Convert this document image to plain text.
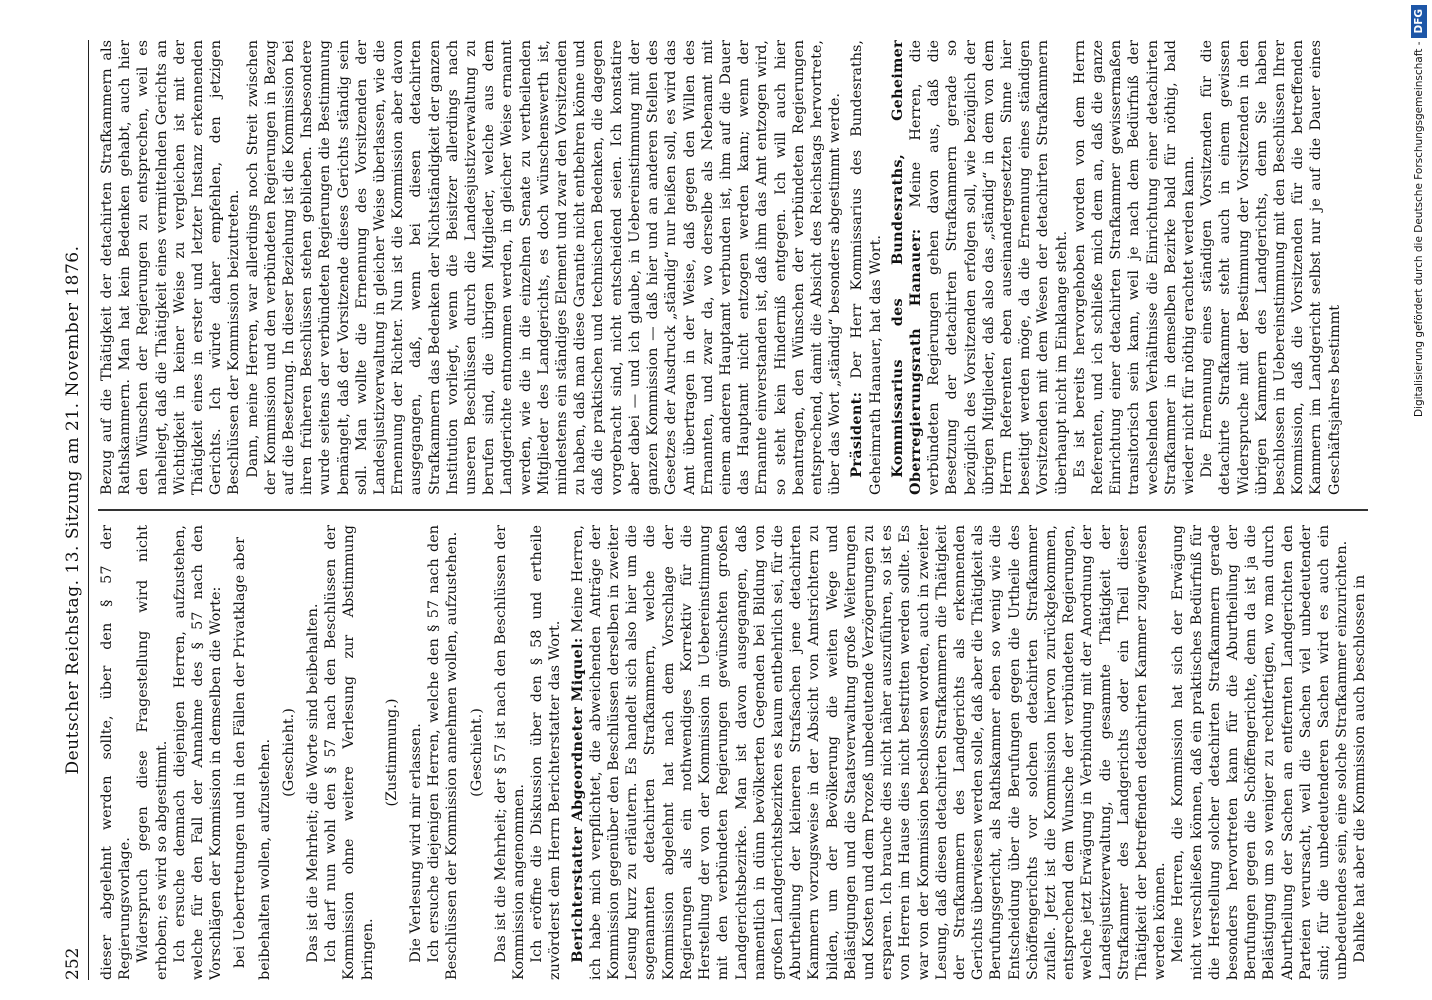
252
Deutscher Reichstag. 13. Sitzung am 21. November 1876.	dieser abgelehnt werden sollte, über den § 57 der Regierungsvorlage. Widerspruch gegen diese Fragestellung wird nicht erhoben; es wird so abgestimmt. Ich ersuche demnach diejenigen Herren, aufzustehen, welche für den Fall der Annahme des § 57 nach den Vorschlägen der Kommission in demselben die Worte: bei Uebertretungen und in den Fällen der Privatklage aber beibehalten wollen, aufzustehen. (Geschieht.) Das ist die Mehrheit; die Worte sind beibehalten. Ich darf nun wohl den § 57 nach den Beschlüssen der Kommission ohne weitere Verlesung zur Abstimmung bringen.

(Zustimmung.) Die Verlesung wird mir erlassen. Ich ersuche diejenigen Herren, welche den § 57 nach den Beschlüssen der Kommission annehmen wollen, aufzustehen. (Geschieht.) Das ist die Mehrheit; der § 57 ist nach den Beschlüssen der Kommission angenommen. Ich eröffne die Diskussion über den § 58 und ertheile zuvörderst dem Herrn Berichterstatter das Wort. Berichterstatter Abgeordneter Miquel: Meine Herren, ich habe mich verpflichtet, die abweichenden Anträge der Kommission gegenüber den Beschlüssen derselben in zweiter Lesung kurz zu erläutern. Es handelt sich also hier um die sogenannten detachirten Strafkammern, welche die Kommission abgelehnt hat nach dem Vorschlage der Regierungen als ein nothwendiges Korrektiv für die Herstellung der von der Kommission in Uebereinstimmung mit den verbündeten Regierungen gewünschten großen Landgerichtsbezirke. Man ist davon ausgegangen, daß namentlich in dünn bevölkerten Gegenden bei Bildung von großen Landgerichtsbezirken es kaum entbehrlich sei, für die Aburtheilung der kleineren Strafsachen jene detachirten Kammern vorzugsweise in der Absicht von Amtsrichtern zu bilden, um der Bevölkerung die weiten Wege und Belästigungen und die Staatsverwaltung große Weiterungen und Kosten und dem Prozeß unbedeutende Verzögerungen zu ersparen. Ich brauche dies nicht näher auszuführen, so ist es von Herren im Hause dies nicht bestritten werden sollte. Es war von der Kommission beschlossen worden, auch in zweiter Lesung, daß diesen detachirten Strafkammern die Thätigkeit der Strafkammern des Landgerichts als erkennenden Gerichts überwiesen werden solle, daß aber die Thätigkeit als Berufungsgericht, als Rathskammer eben so wenig wie die Entscheidung über die Berufungen gegen die Urtheile des Schöffengerichts vor solchen detachirten Strafkammer zufalle. Jetzt ist die Kommission hiervon zurückgekommen, entsprechend dem Wunsche der verbündeten Regierungen, welche jetzt Erwägung in Verbindung mit der Anordnung der Landesjustizverwaltung, die gesammte Thätigkeit der Strafkammer des Landgerichts oder ein Theil dieser Thätigkeit der betreffenden detachirten Kammer zugewiesen werden können. Meine Herren, die Kommission hat sich der Erwägung nicht verschließen können, daß ein praktisches Bedürfniß für die Herstellung solcher detachirten Strafkammern gerade besonders hervortreten kann für die Aburtheilung der Berufungen gegen die Schöffengerichte, denn da ist ja die Belästigung um so weniger zu rechtfertigen, wo man durch Aburtheilung der Sachen an entfernten Landgerichten den Parteien verursacht, weil die Sachen viel unbedeutender sind; für die unbedeutenderen Sachen wird es auch ein unbedeutendes sein, eine solche Strafkammer einzurichten. Dahlke hat aber die Kommission auch beschlossen in

Bezug auf die Thätigkeit der detachirten Strafkammern als Rathskammern. Man hat kein Bedenken gehabt, auch hier den Wünschen der Regierungen zu entsprechen, weil es naheliegt, daß die Thätigkeit eines vermittelnden Gerichts an Wichtigkeit in keiner Weise zu vergleichen ist mit der Thätigkeit eines in erster und letzter Instanz erkennenden Gerichts. Ich würde daher empfehlen, den jetzigen Beschlüssen der Kommission beizutreten. Dann, meine Herren, war allerdings noch Streit zwischen der Kommission und den verbündeten Regierungen in Bezug auf die Besetzung. In dieser Beziehung ist die Kommission bei ihren früheren Beschlüssen stehen geblieben. Insbesondere wurde seitens der verbündeten Regierungen die Bestimmung bemängelt, daß der Vorsitzende dieses Gerichts ständig sein soll. Man wollte die Ernennung des Vorsitzenden der Landesjustizverwaltung in gleicher Weise überlassen, wie die Ernennung der Richter. Nun ist die Kommission aber davon ausgegangen, daß, wenn bei diesen detachirten Strafkammern das Bedenken der Nichtständigkeit der ganzen Institution vorliegt, wenn die Beisitzer allerdings nach unseren Beschlüssen durch die Landesjustizverwaltung zu berufen sind, die übrigen Mitglieder, welche aus dem Landgerichte entnommen werden, in gleicher Weise ernannt werden, wie die in die einzelnen Senate zu vertheilenden Mitglieder des Landgerichts, es doch wünschenswerth ist, mindestens ein ständiges Element und zwar den Vorsitzenden zu haben, daß man diese Garantie nicht entbehren könne und daß die praktischen und technischen Bedenken, die dagegen vorgebracht sind, nicht entscheidend seien. Ich konstatire aber dabei — und ich glaube, in Uebereinstimmung mit der ganzen Kommission — daß hier und an anderen Stellen des Gesetzes der Ausdruck „ständig“ nur heißen soll, es wird das Amt übertragen in der Weise, daß gegen den Willen des Ernannten, und zwar da, wo derselbe als Nebenamt mit einem anderen Hauptamt verbunden ist, ihm auf die Dauer das Hauptamt nicht entzogen werden kann; wenn der Ernannte einverstanden ist, daß ihm das Amt entzogen wird, so steht kein Hinderniß entgegen. Ich will auch hier beantragen, den Wünschen der verbündeten Regierungen entsprechend, damit die Absicht des Reichstags hervortrete, über das Wort „ständig“ besonders abgestimmt werde. Präsident: Der Herr Kommissarius des Bundesraths, Geheimrath Hanauer, hat das Wort. Kommissarius des Bundesraths, Geheimer Oberregierungsrath Hanauer: Meine Herren, die verbündeten Regierungen gehen davon aus, daß die Besetzung der detachirten Strafkammern gerade so bezüglich des Vorsitzenden erfolgen soll, wie bezüglich der übrigen Mitglieder, daß also das „ständig“ in dem von dem Herrn Referenten eben auseinandergesetzten Sinne hier beseitigt werden möge, da die Ernennung eines ständigen Vorsitzenden mit dem Wesen der detachirten Strafkammern überhaupt nicht im Einklange steht. Es ist bereits hervorgehoben worden von dem Herrn Referenten, und ich schließe mich dem an, daß die ganze Einrichtung einer detachirten Strafkammer gewissermaßen transitorisch sein kann, weil je nach dem Bedürfniß der wechselnden Verhältnisse die Einrichtung einer detachirten Strafkammer in demselben Bezirke bald für nöthig, bald wieder nicht für nöthig erachtet werden kann. Die Ernennung eines ständigen Vorsitzenden für die detachirte Strafkammer steht auch in einem gewissen Widerspruche mit der Bestimmung der Vorsitzenden in den übrigen Kammern des Landgerichts, denn Sie haben beschlossen in Uebereinstimmung mit den Beschlüssen Ihrer Kommission, daß die Vorsitzenden für die betreffenden Kammern im Landgericht selbst nur je auf die Dauer eines Geschäftsjahres bestimmt	Digitalisierung gefördert durch die Deutsche Forschungsgemeinschaft -DFG
